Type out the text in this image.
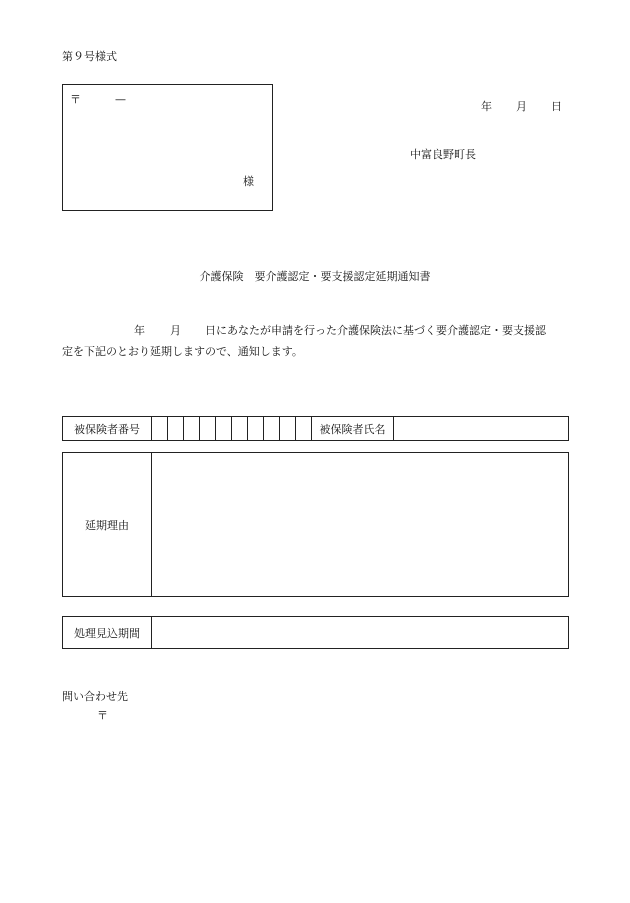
第９号様式
〒	—
様
年 月 日
中富良野町長
介護保険　要介護認定・要支援認定延期通知書
年 月 日にあなたが申請を行った介護保険法に基づく要介護認定・要支援認
定を下記のとおり延期しますので、通知します。
被保険者番号											被保険者氏名	
延期理由	
処理見込期間	
問い合わせ先
〒
